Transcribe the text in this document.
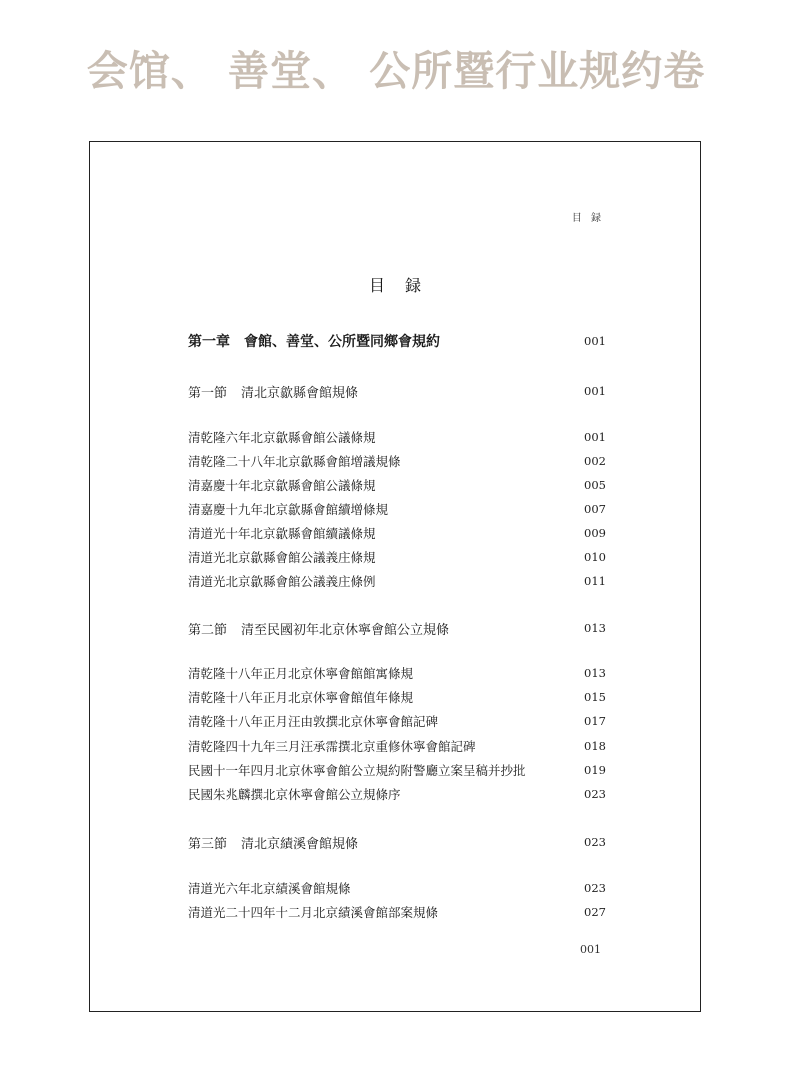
会馆、 善堂、 公所暨行业规约卷
目 録
目録
第一章 會館、善堂、公所暨同鄉會規約	001
第一節 清北京歙縣會館規條	001
清乾隆六年北京歙縣會館公議條規	001
清乾隆二十八年北京歙縣會館增議規條	002
清嘉慶十年北京歙縣會館公議條規	005
清嘉慶十九年北京歙縣會館續增條規	007
清道光十年北京歙縣會館續議條規	009
清道光北京歙縣會館公議義庄條規	010
清道光北京歙縣會館公議義庄條例	011
第二節 清至民國初年北京休寧會館公立規條	013
清乾隆十八年正月北京休寧會館館寓條規	013
清乾隆十八年正月北京休寧會館值年條規	015
清乾隆十八年正月汪由敦撰北京休寧會館記碑	017
清乾隆四十九年三月汪承霈撰北京重修休寧會館記碑	018
民國十一年四月北京休寧會館公立規約附警廳立案呈稿并抄批	019
民國朱兆麟撰北京休寧會館公立規條序	023
第三節 清北京績溪會館規條	023
清道光六年北京績溪會館規條	023
清道光二十四年十二月北京績溪會館部案規條	027
001
